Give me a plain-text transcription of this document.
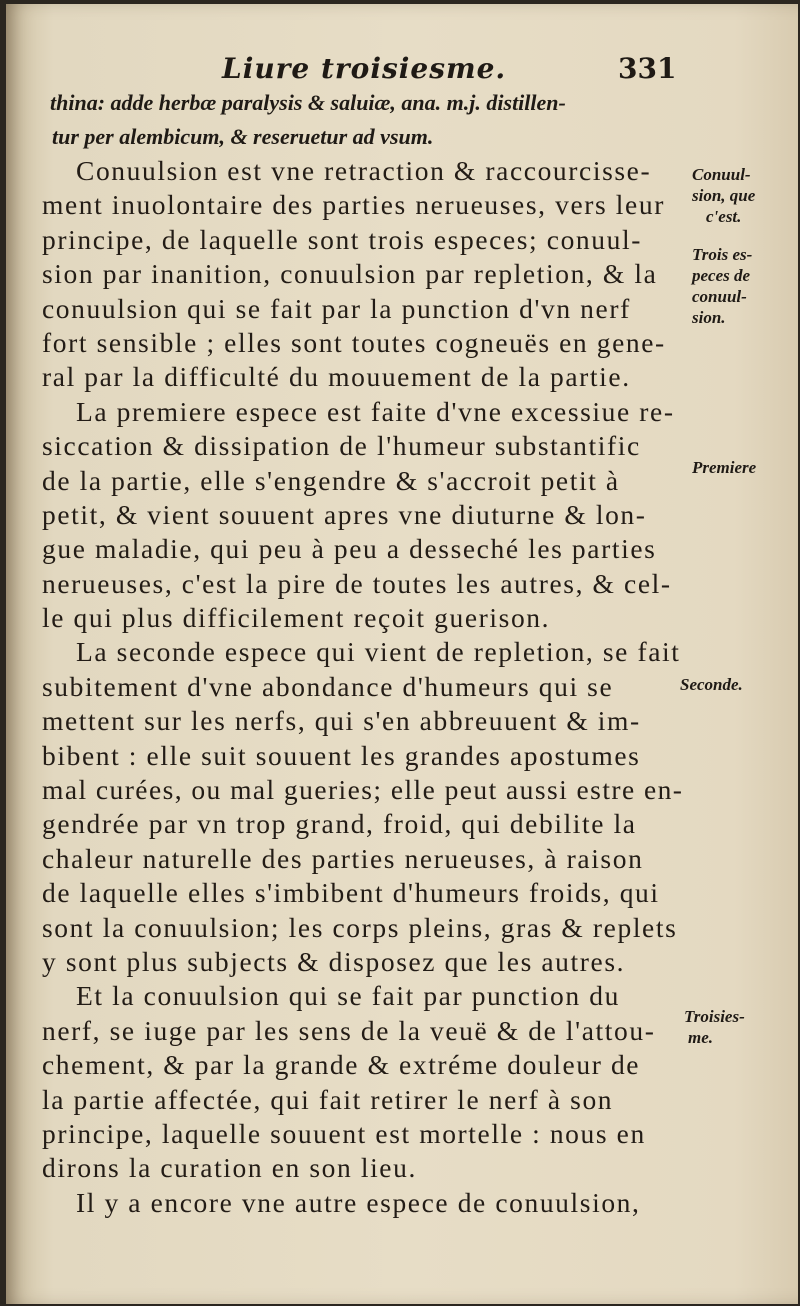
Liure troisiesme.	331
thina: adde herbæ paralysis & saluiæ, ana. m.j. distillen-
tur per alembicum, & reseruetur ad vsum.
Conuulsion est vne retraction & raccourcisse-
ment inuolontaire des parties nerueuses, vers leur
principe, de laquelle sont trois especes; conuul-
sion par inanition, conuulsion par repletion, & la
conuulsion qui se fait par la punction d'vn nerf
fort sensible ; elles sont toutes cogneuës en gene-
ral par la difficulté du mouuement de la partie.
La premiere espece est faite d'vne excessiue re-
siccation & dissipation de l'humeur substantific
de la partie, elle s'engendre & s'accroit petit à
petit, & vient souuent apres vne diuturne & lon-
gue maladie, qui peu à peu a desseché les parties
nerueuses, c'est la pire de toutes les autres, & cel-
le qui plus difficilement reçoit guerison.
La seconde espece qui vient de repletion, se fait
subitement d'vne abondance d'humeurs qui se
mettent sur les nerfs, qui s'en abbreuuent & im-
bibent : elle suit souuent les grandes apostumes
mal curées, ou mal gueries; elle peut aussi estre en-
gendrée par vn trop grand, froid, qui debilite la
chaleur naturelle des parties nerueuses, à raison
de laquelle elles s'imbibent d'humeurs froids, qui
sont la conuulsion; les corps pleins, gras & replets
y sont plus subjects & disposez que les autres.
Et la conuulsion qui se fait par punction du
nerf, se iuge par les sens de la veuë & de l'attou-
chement, & par la grande & extréme douleur de
la partie affectée, qui fait retirer le nerf à son
principe, laquelle souuent est mortelle : nous en
dirons la curation en son lieu.
Il y a encore vne autre espece de conuulsion,
Conuul-
sion, que
c'est.
Trois es-
peces de
conuul-
sion.
Premiere
Seconde.
Troisies-
me.
